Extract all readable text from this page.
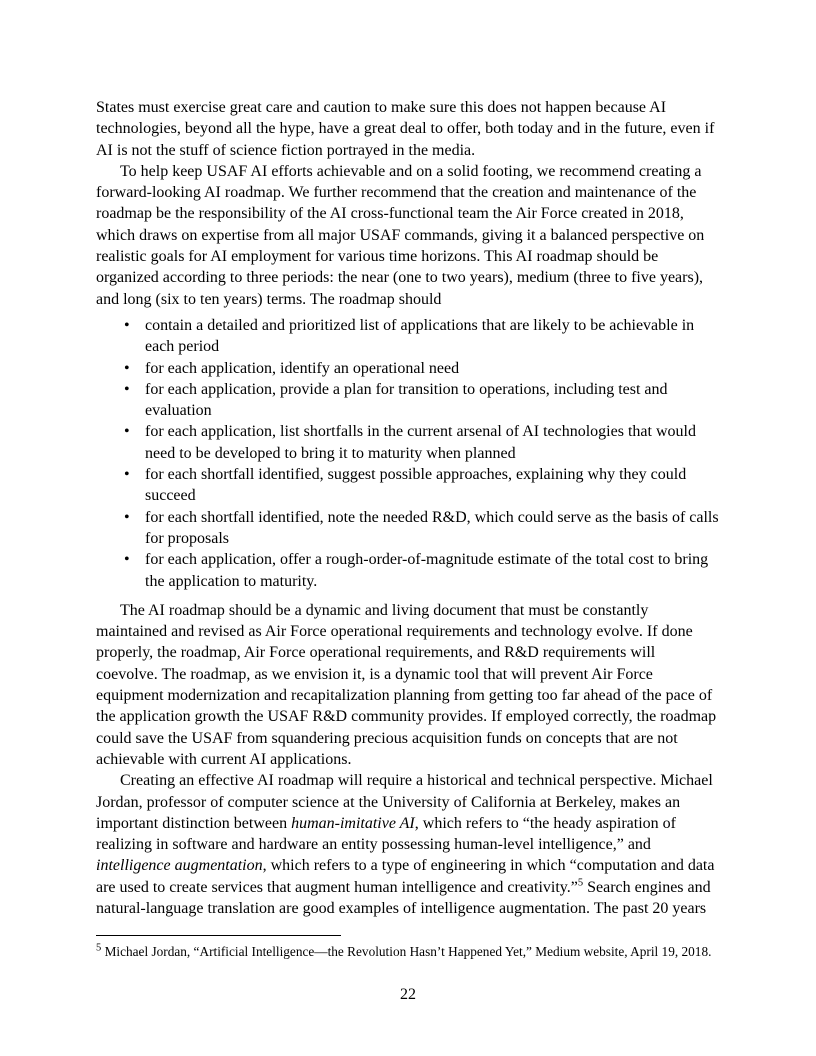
States must exercise great care and caution to make sure this does not happen because AI technologies, beyond all the hype, have a great deal to offer, both today and in the future, even if AI is not the stuff of science fiction portrayed in the media.

To help keep USAF AI efforts achievable and on a solid footing, we recommend creating a forward-looking AI roadmap. We further recommend that the creation and maintenance of the roadmap be the responsibility of the AI cross-functional team the Air Force created in 2018, which draws on expertise from all major USAF commands, giving it a balanced perspective on realistic goals for AI employment for various time horizons. This AI roadmap should be organized according to three periods: the near (one to two years), medium (three to five years), and long (six to ten years) terms. The roadmap should

• contain a detailed and prioritized list of applications that are likely to be achievable in each period
• for each application, identify an operational need
• for each application, provide a plan for transition to operations, including test and evaluation
• for each application, list shortfalls in the current arsenal of AI technologies that would need to be developed to bring it to maturity when planned
• for each shortfall identified, suggest possible approaches, explaining why they could succeed
• for each shortfall identified, note the needed R&D, which could serve as the basis of calls for proposals
• for each application, offer a rough-order-of-magnitude estimate of the total cost to bring the application to maturity.

The AI roadmap should be a dynamic and living document that must be constantly maintained and revised as Air Force operational requirements and technology evolve. If done properly, the roadmap, Air Force operational requirements, and R&D requirements will coevolve. The roadmap, as we envision it, is a dynamic tool that will prevent Air Force equipment modernization and recapitalization planning from getting too far ahead of the pace of the application growth the USAF R&D community provides. If employed correctly, the roadmap could save the USAF from squandering precious acquisition funds on concepts that are not achievable with current AI applications.

Creating an effective AI roadmap will require a historical and technical perspective. Michael Jordan, professor of computer science at the University of California at Berkeley, makes an important distinction between human-imitative AI, which refers to “the heady aspiration of realizing in software and hardware an entity possessing human-level intelligence,” and intelligence augmentation, which refers to a type of engineering in which “computation and data are used to create services that augment human intelligence and creativity.”$^5$ Search engines and natural-language translation are good examples of intelligence augmentation. The past 20 years

$^5$ Michael Jordan, “Artificial Intelligence—the Revolution Hasn’t Happened Yet,” Medium website, April 19, 2018.

22
